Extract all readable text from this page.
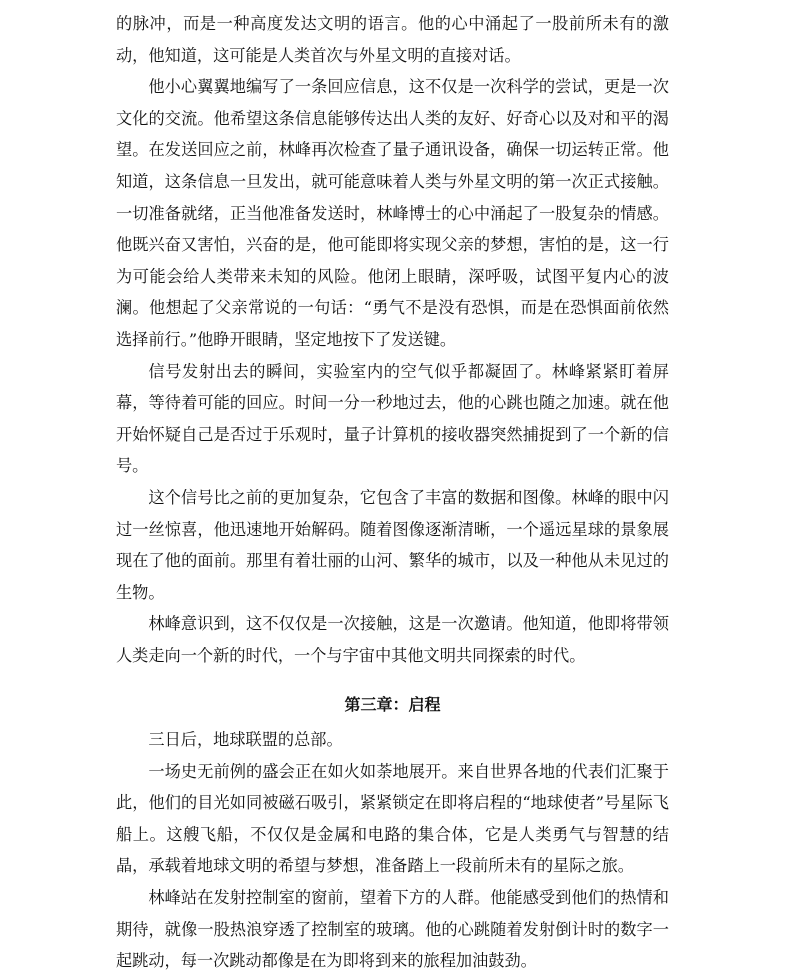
的脉冲，而是一种高度发达文明的语言。他的心中涌起了一股前所未有的激动，他知道，这可能是人类首次与外星文明的直接对话。

他小心翼翼地编写了一条回应信息，这不仅是一次科学的尝试，更是一次文化的交流。他希望这条信息能够传达出人类的友好、好奇心以及对和平的渴望。在发送回应之前，林峰再次检查了量子通讯设备，确保一切运转正常。他知道，这条信息一旦发出，就可能意味着人类与外星文明的第一次正式接触。一切准备就绪，正当他准备发送时，林峰博士的心中涌起了一股复杂的情感。他既兴奋又害怕，兴奋的是，他可能即将实现父亲的梦想，害怕的是，这一行为可能会给人类带来未知的风险。他闭上眼睛，深呼吸，试图平复内心的波澜。他想起了父亲常说的一句话：“勇气不是没有恐惧，而是在恐惧面前依然选择前行。”他睁开眼睛，坚定地按下了发送键。

信号发射出去的瞬间，实验室内的空气似乎都凝固了。林峰紧紧盯着屏幕，等待着可能的回应。时间一分一秒地过去，他的心跳也随之加速。就在他开始怀疑自己是否过于乐观时，量子计算机的接收器突然捕捉到了一个新的信号。

这个信号比之前的更加复杂，它包含了丰富的数据和图像。林峰的眼中闪过一丝惊喜，他迅速地开始解码。随着图像逐渐清晰，一个遥远星球的景象展现在了他的面前。那里有着壮丽的山河、繁华的城市，以及一种他从未见过的生物。

林峰意识到，这不仅仅是一次接触，这是一次邀请。他知道，他即将带领人类走向一个新的时代，一个与宇宙中其他文明共同探索的时代。

第三章：启程

三日后，地球联盟的总部。

一场史无前例的盛会正在如火如荼地展开。来自世界各地的代表们汇聚于此，他们的目光如同被磁石吸引，紧紧锁定在即将启程的“地球使者”号星际飞船上。这艘飞船，不仅仅是金属和电路的集合体，它是人类勇气与智慧的结晶，承载着地球文明的希望与梦想，准备踏上一段前所未有的星际之旅。

林峰站在发射控制室的窗前，望着下方的人群。他能感受到他们的热情和期待，就像一股热浪穿透了控制室的玻璃。他的心跳随着发射倒计时的数字一起跳动，每一次跳动都像是在为即将到来的旅程加油鼓劲。
